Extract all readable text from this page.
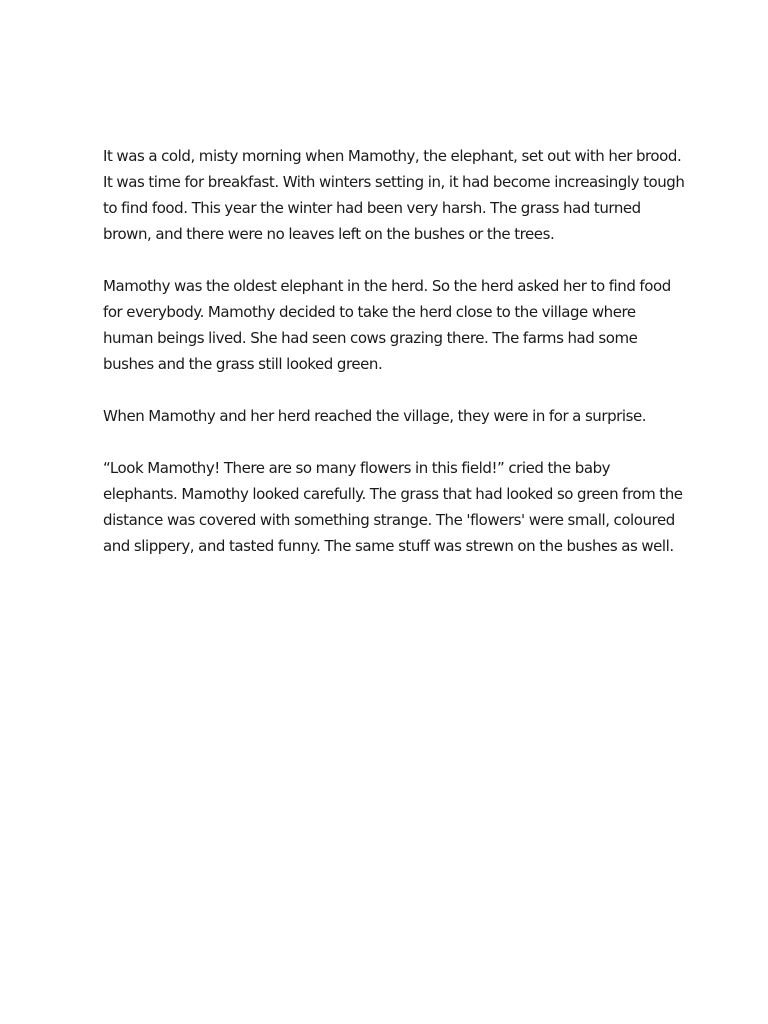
It was a cold, misty morning when Mamothy, the elephant, set out with her brood. It was time for breakfast. With winters setting in, it had become increasingly tough to find food. This year the winter had been very harsh. The grass had turned brown, and there were no leaves left on the bushes or the trees.

Mamothy was the oldest elephant in the herd. So the herd asked her to find food for everybody. Mamothy decided to take the herd close to the village where human beings lived. She had seen cows grazing there. The farms had some bushes and the grass still looked green.

When Mamothy and her herd reached the village, they were in for a surprise.

“Look Mamothy! There are so many flowers in this field!” cried the baby elephants. Mamothy looked carefully. The grass that had looked so green from the distance was covered with something strange. The 'flowers' were small, coloured and slippery, and tasted funny. The same stuff was strewn on the bushes as well.
